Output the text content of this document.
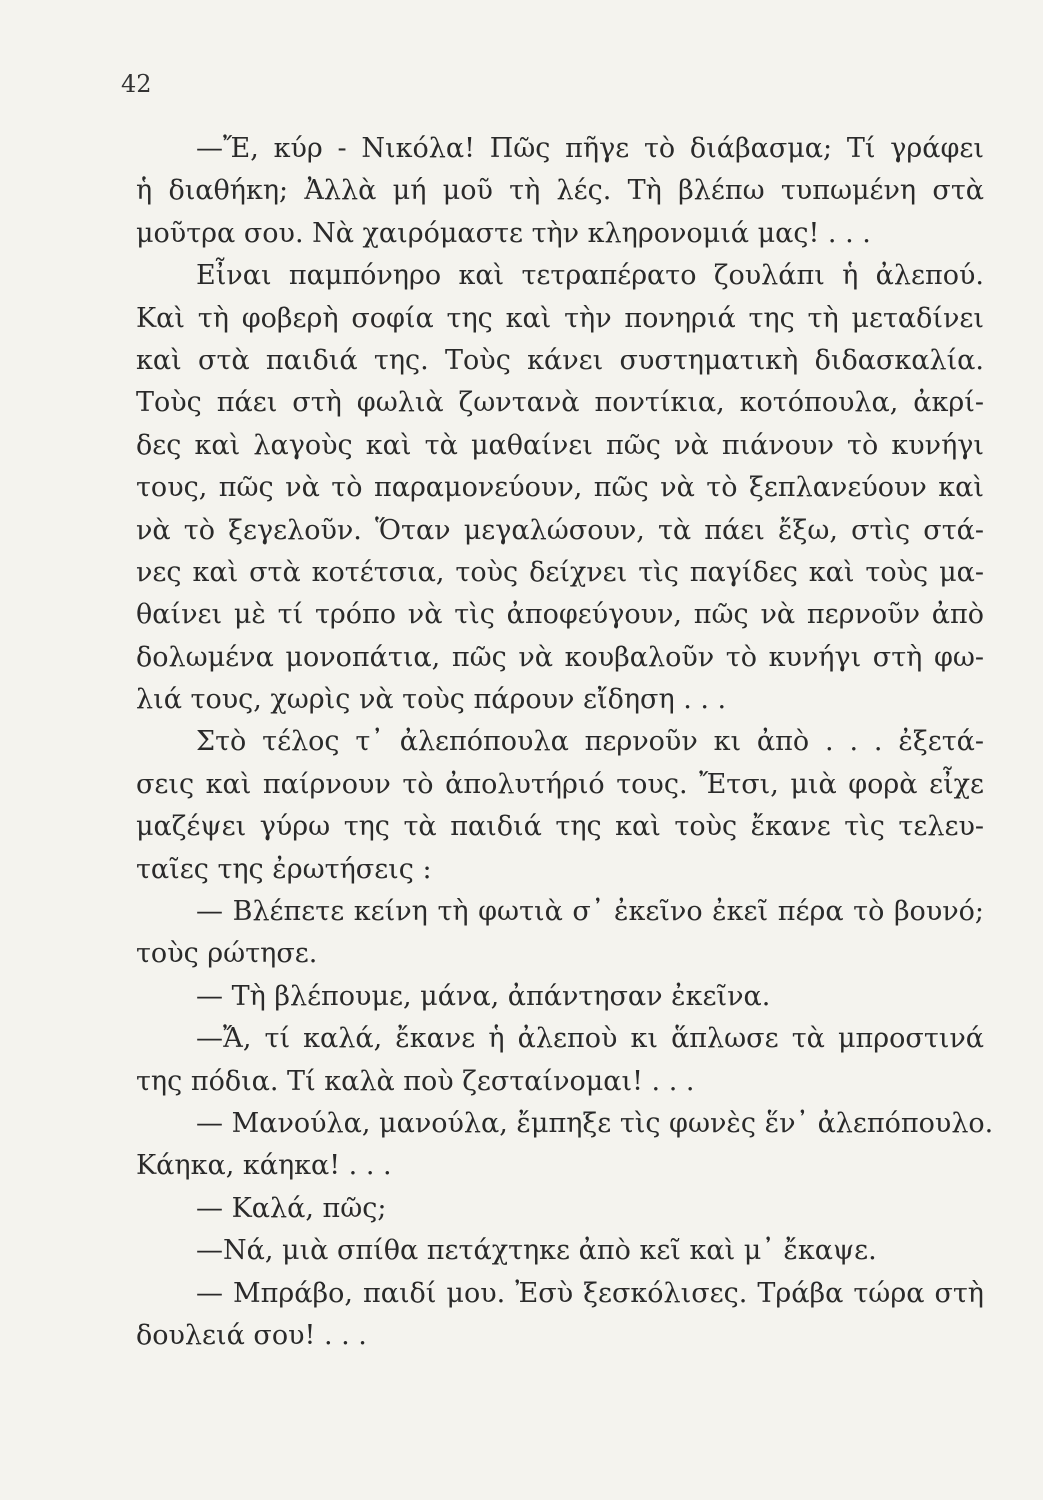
42
—Ἔ, κύρ - Νικόλα! Πῶς πῆγε τὸ διάβασμα; Τί γράφει
ἡ διαθήκη; Ἀλλὰ μή μοῦ τὴ λές. Τὴ βλέπω τυπωμένη στὰ
μοῦτρα σου. Νὰ χαιρόμαστε τὴν κληρονομιά μας! . . .
Εἶναι παμπόνηρο καὶ τετραπέρατο ζουλάπι ἡ ἀλεπού.
Καὶ τὴ φοβερὴ σοφία της καὶ τὴν πονηριά της τὴ μεταδίνει
καὶ στὰ παιδιά της. Τοὺς κάνει συστηματικὴ διδασκαλία.
Τοὺς πάει στὴ φωλιὰ ζωντανὰ ποντίκια, κοτόπουλα, ἀκρί-
δες καὶ λαγοὺς καὶ τὰ μαθαίνει πῶς νὰ πιάνουν τὸ κυνήγι
τους, πῶς νὰ τὸ παραμονεύουν, πῶς νὰ τὸ ξεπλανεύουν καὶ
νὰ τὸ ξεγελοῦν. Ὅταν μεγαλώσουν, τὰ πάει ἔξω, στὶς στά-
νες καὶ στὰ κοτέτσια, τοὺς δείχνει τὶς παγίδες καὶ τοὺς μα-
θαίνει μὲ τί τρόπο νὰ τὶς ἀποφεύγουν, πῶς νὰ περνοῦν ἀπὸ
δολωμένα μονοπάτια, πῶς νὰ κουβαλοῦν τὸ κυνήγι στὴ φω-
λιά τους, χωρὶς νὰ τοὺς πάρουν εἴδηση . . .
Στὸ τέλος τ᾽ ἀλεπόπουλα περνοῦν κι ἀπὸ . . . ἐξετά-
σεις καὶ παίρνουν τὸ ἀπολυτήριό τους. Ἔτσι, μιὰ φορὰ εἶχε
μαζέψει γύρω της τὰ παιδιά της καὶ τοὺς ἔκανε τὶς τελευ-
ταῖες της ἐρωτήσεις :
— Βλέπετε κείνη τὴ φωτιὰ σ᾽ ἐκεῖνο ἐκεῖ πέρα τὸ βουνό;
τοὺς ρώτησε.
— Τὴ βλέπουμε, μάνα, ἀπάντησαν ἐκεῖνα.
—Ἄ, τί καλά, ἔκανε ἡ ἀλεποὺ κι ἅπλωσε τὰ μπροστινά
της πόδια. Τί καλὰ ποὺ ζεσταίνομαι! . . .
— Μανούλα, μανούλα, ἔμπηξε τὶς φωνὲς ἕν᾽ ἀλεπόπουλο.
Κάηκα, κάηκα! . . .
— Καλά, πῶς;
—Νά, μιὰ σπίθα πετάχτηκε ἀπὸ κεῖ καὶ μ᾽ ἔκαψε.
— Μπράβο, παιδί μου. Ἐσὺ ξεσκόλισες. Τράβα τώρα στὴ
δουλειά σου! . . .
